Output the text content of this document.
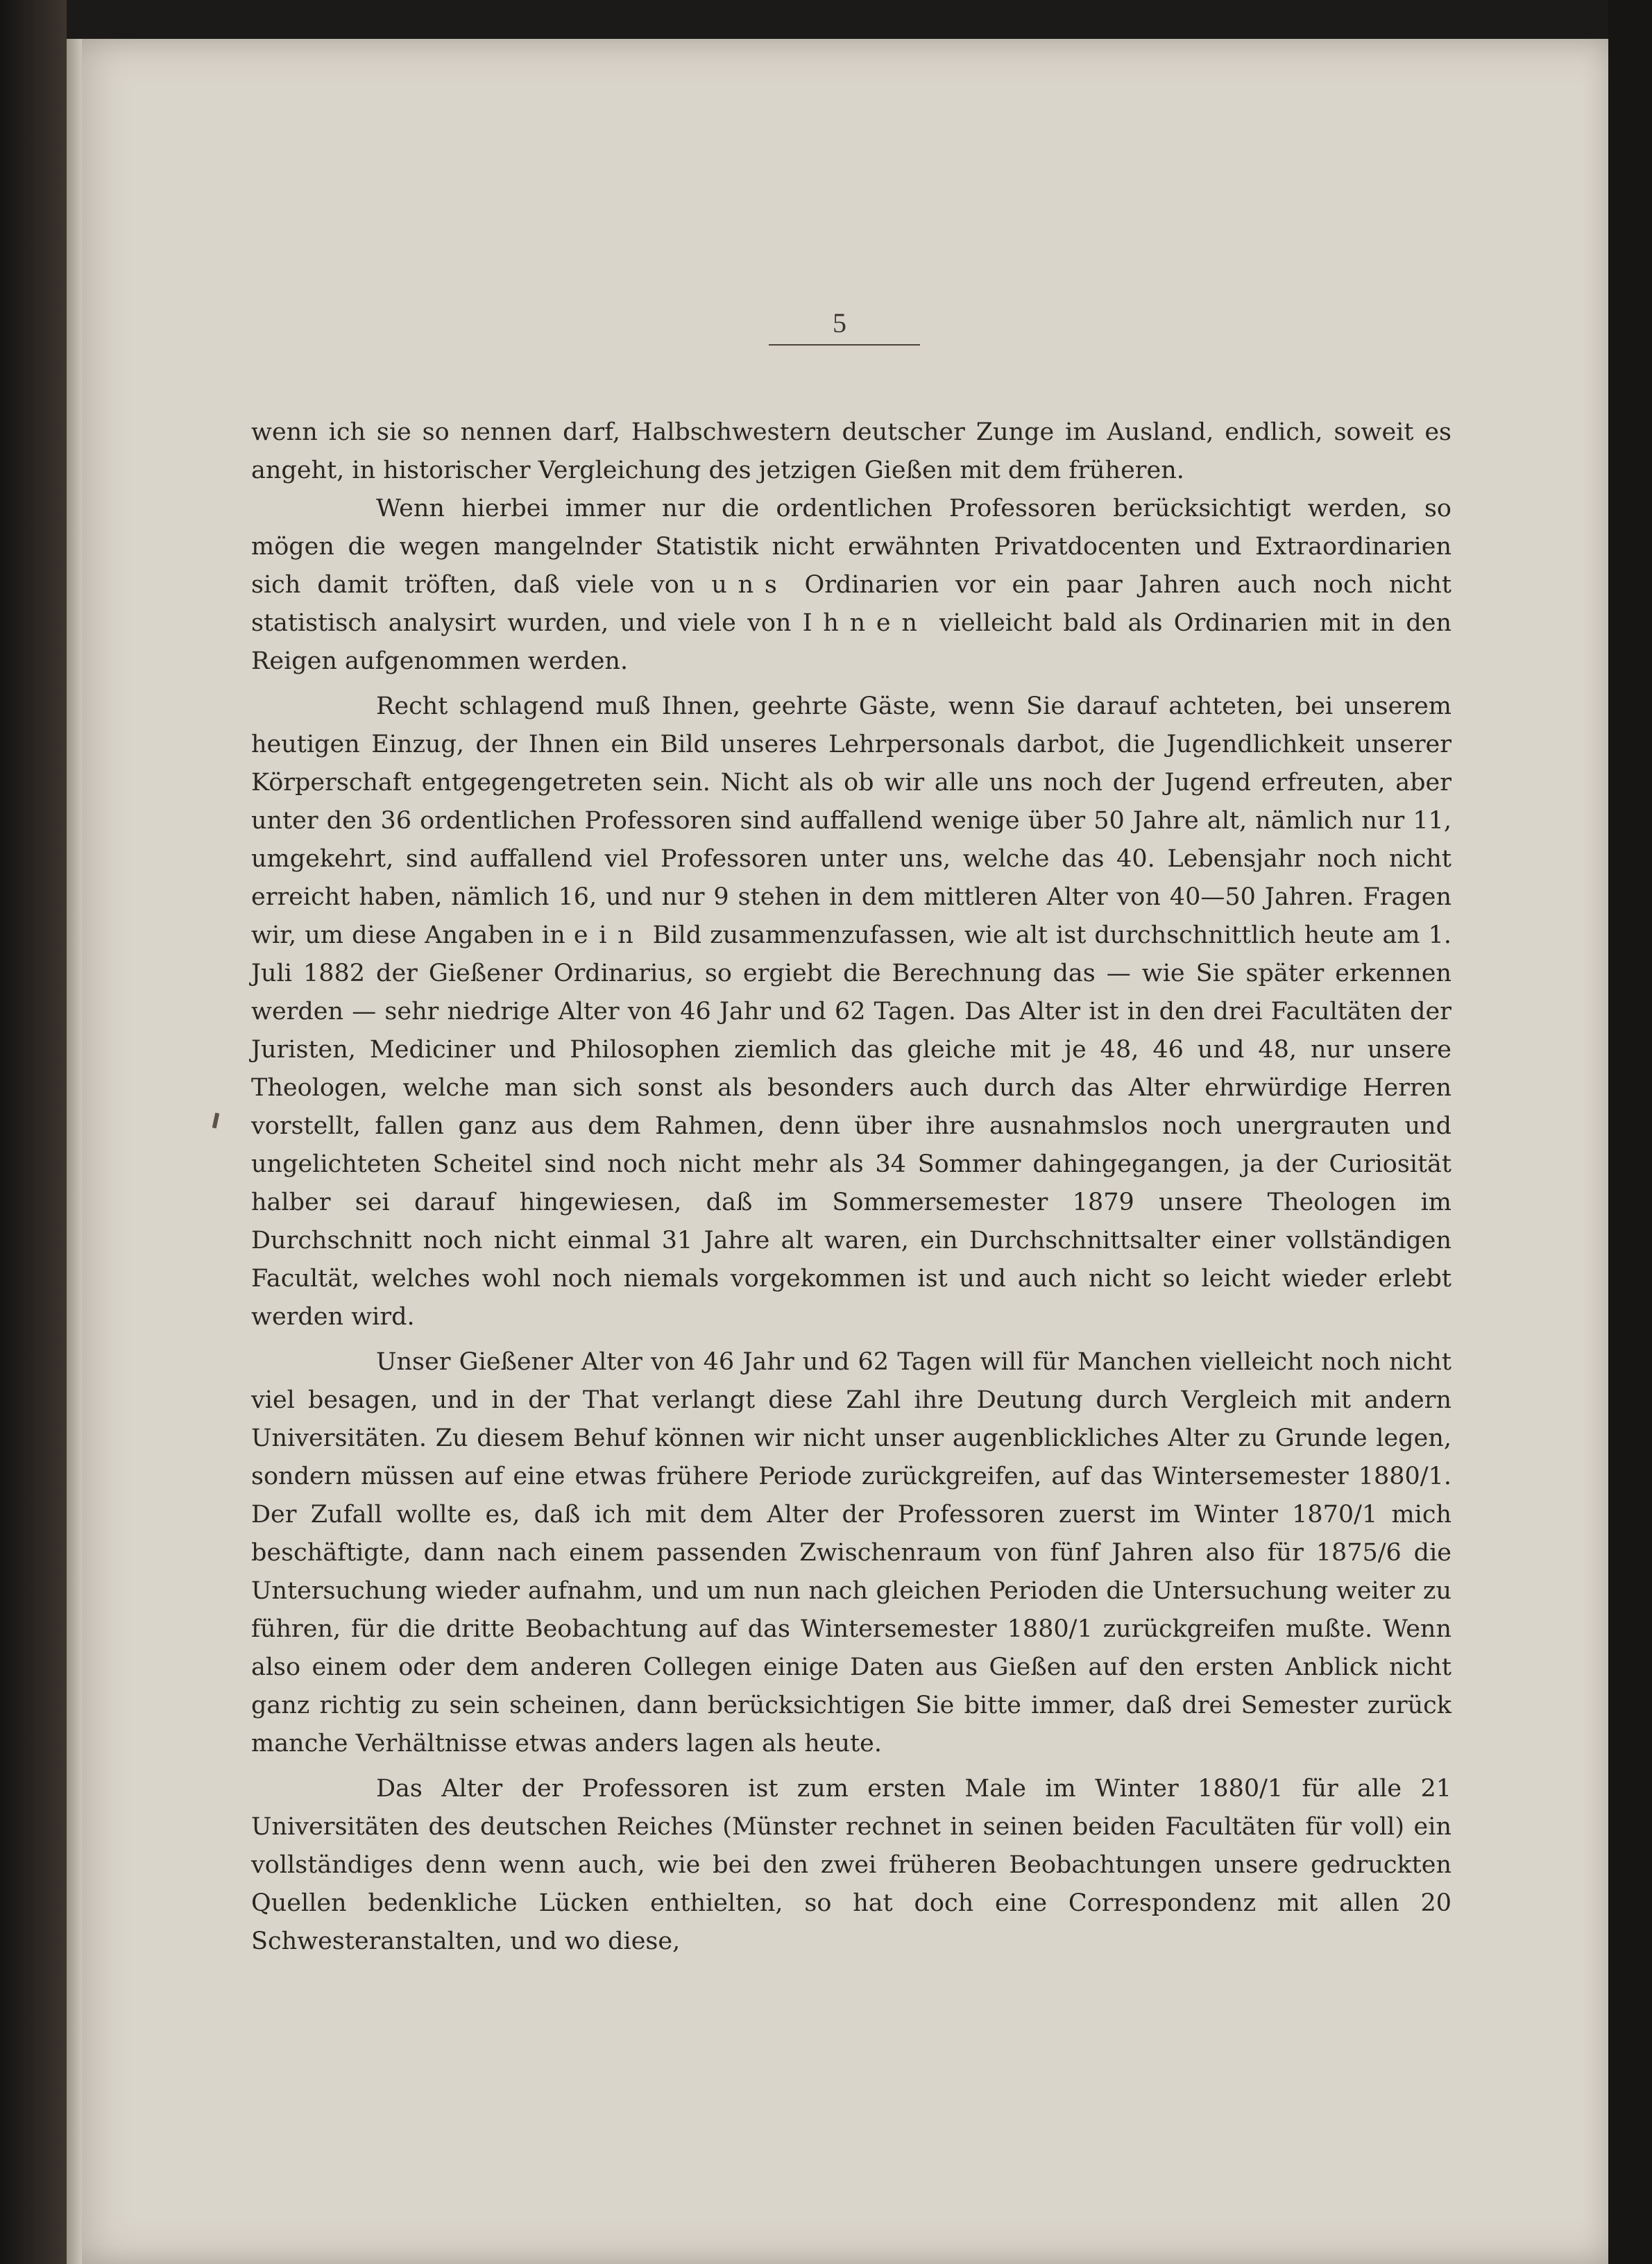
5

wenn ich sie so nennen darf, Halbschwestern deutscher Zunge im Ausland, endlich, soweit es angeht, in historischer Vergleichung des jetzigen Gießen mit dem früheren.

Wenn hierbei immer nur die ordentlichen Professoren berücksichtigt werden, so mögen die wegen mangelnder Statistik nicht erwähnten Privatdocenten und Extraordinarien sich damit tröften, daß viele von uns Ordinarien vor ein paar Jahren auch noch nicht statistisch analysirt wurden, und viele von Ihnen vielleicht bald als Ordinarien mit in den Reigen aufgenommen werden.

Recht schlagend muß Ihnen, geehrte Gäste, wenn Sie darauf achteten, bei unserem heutigen Einzug, der Ihnen ein Bild unseres Lehrpersonals darbot, die Jugendlichkeit unserer Körperschaft entgegengetreten sein. Nicht als ob wir alle uns noch der Jugend erfreuten, aber unter den 36 ordentlichen Professoren sind auffallend wenige über 50 Jahre alt, nämlich nur 11, umgekehrt, sind auffallend viel Professoren unter uns, welche das 40. Lebensjahr noch nicht erreicht haben, nämlich 16, und nur 9 stehen in dem mittleren Alter von 40—50 Jahren. Fragen wir, um diese Angaben in ein Bild zusammenzufassen, wie alt ist durchschnittlich heute am 1. Juli 1882 der Gießener Ordinarius, so ergiebt die Berechnung das — wie Sie später erkennen werden — sehr niedrige Alter von 46 Jahr und 62 Tagen. Das Alter ist in den drei Facultäten der Juristen, Mediciner und Philosophen ziemlich das gleiche mit je 48, 46 und 48, nur unsere Theologen, welche man sich sonst als besonders auch durch das Alter ehrwürdige Herren vorstellt, fallen ganz aus dem Rahmen, denn über ihre ausnahmslos noch unergrauten und ungelichteten Scheitel sind noch nicht mehr als 34 Sommer dahingegangen, ja der Curiosität halber sei darauf hingewiesen, daß im Sommersemester 1879 unsere Theologen im Durchschnitt noch nicht einmal 31 Jahre alt waren, ein Durchschnittsalter einer vollständigen Facultät, welches wohl noch niemals vorgekommen ist und auch nicht so leicht wieder erlebt werden wird.

Unser Gießener Alter von 46 Jahr und 62 Tagen will für Manchen vielleicht noch nicht viel besagen, und in der That verlangt diese Zahl ihre Deutung durch Vergleich mit andern Universitäten. Zu diesem Behuf können wir nicht unser augenblickliches Alter zu Grunde legen, sondern müssen auf eine etwas frühere Periode zurückgreifen, auf das Wintersemester 1880/1. Der Zufall wollte es, daß ich mit dem Alter der Professoren zuerst im Winter 1870/1 mich beschäftigte, dann nach einem passenden Zwischenraum von fünf Jahren also für 1875/6 die Untersuchung wieder aufnahm, und um nun nach gleichen Perioden die Untersuchung weiter zu führen, für die dritte Beobachtung auf das Wintersemester 1880/1 zurückgreifen mußte. Wenn also einem oder dem anderen Collegen einige Daten aus Gießen auf den ersten Anblick nicht ganz richtig zu sein scheinen, dann berücksichtigen Sie bitte immer, daß drei Semester zurück manche Verhältnisse etwas anders lagen als heute.

Das Alter der Professoren ist zum ersten Male im Winter 1880/1 für alle 21 Universitäten des deutschen Reiches (Münster rechnet in seinen beiden Facultäten für voll) ein vollständiges denn wenn auch, wie bei den zwei früheren Beobachtungen unsere gedruckten Quellen bedenkliche Lücken enthielten, so hat doch eine Correspondenz mit allen 20 Schwesteranstalten, und wo diese,
